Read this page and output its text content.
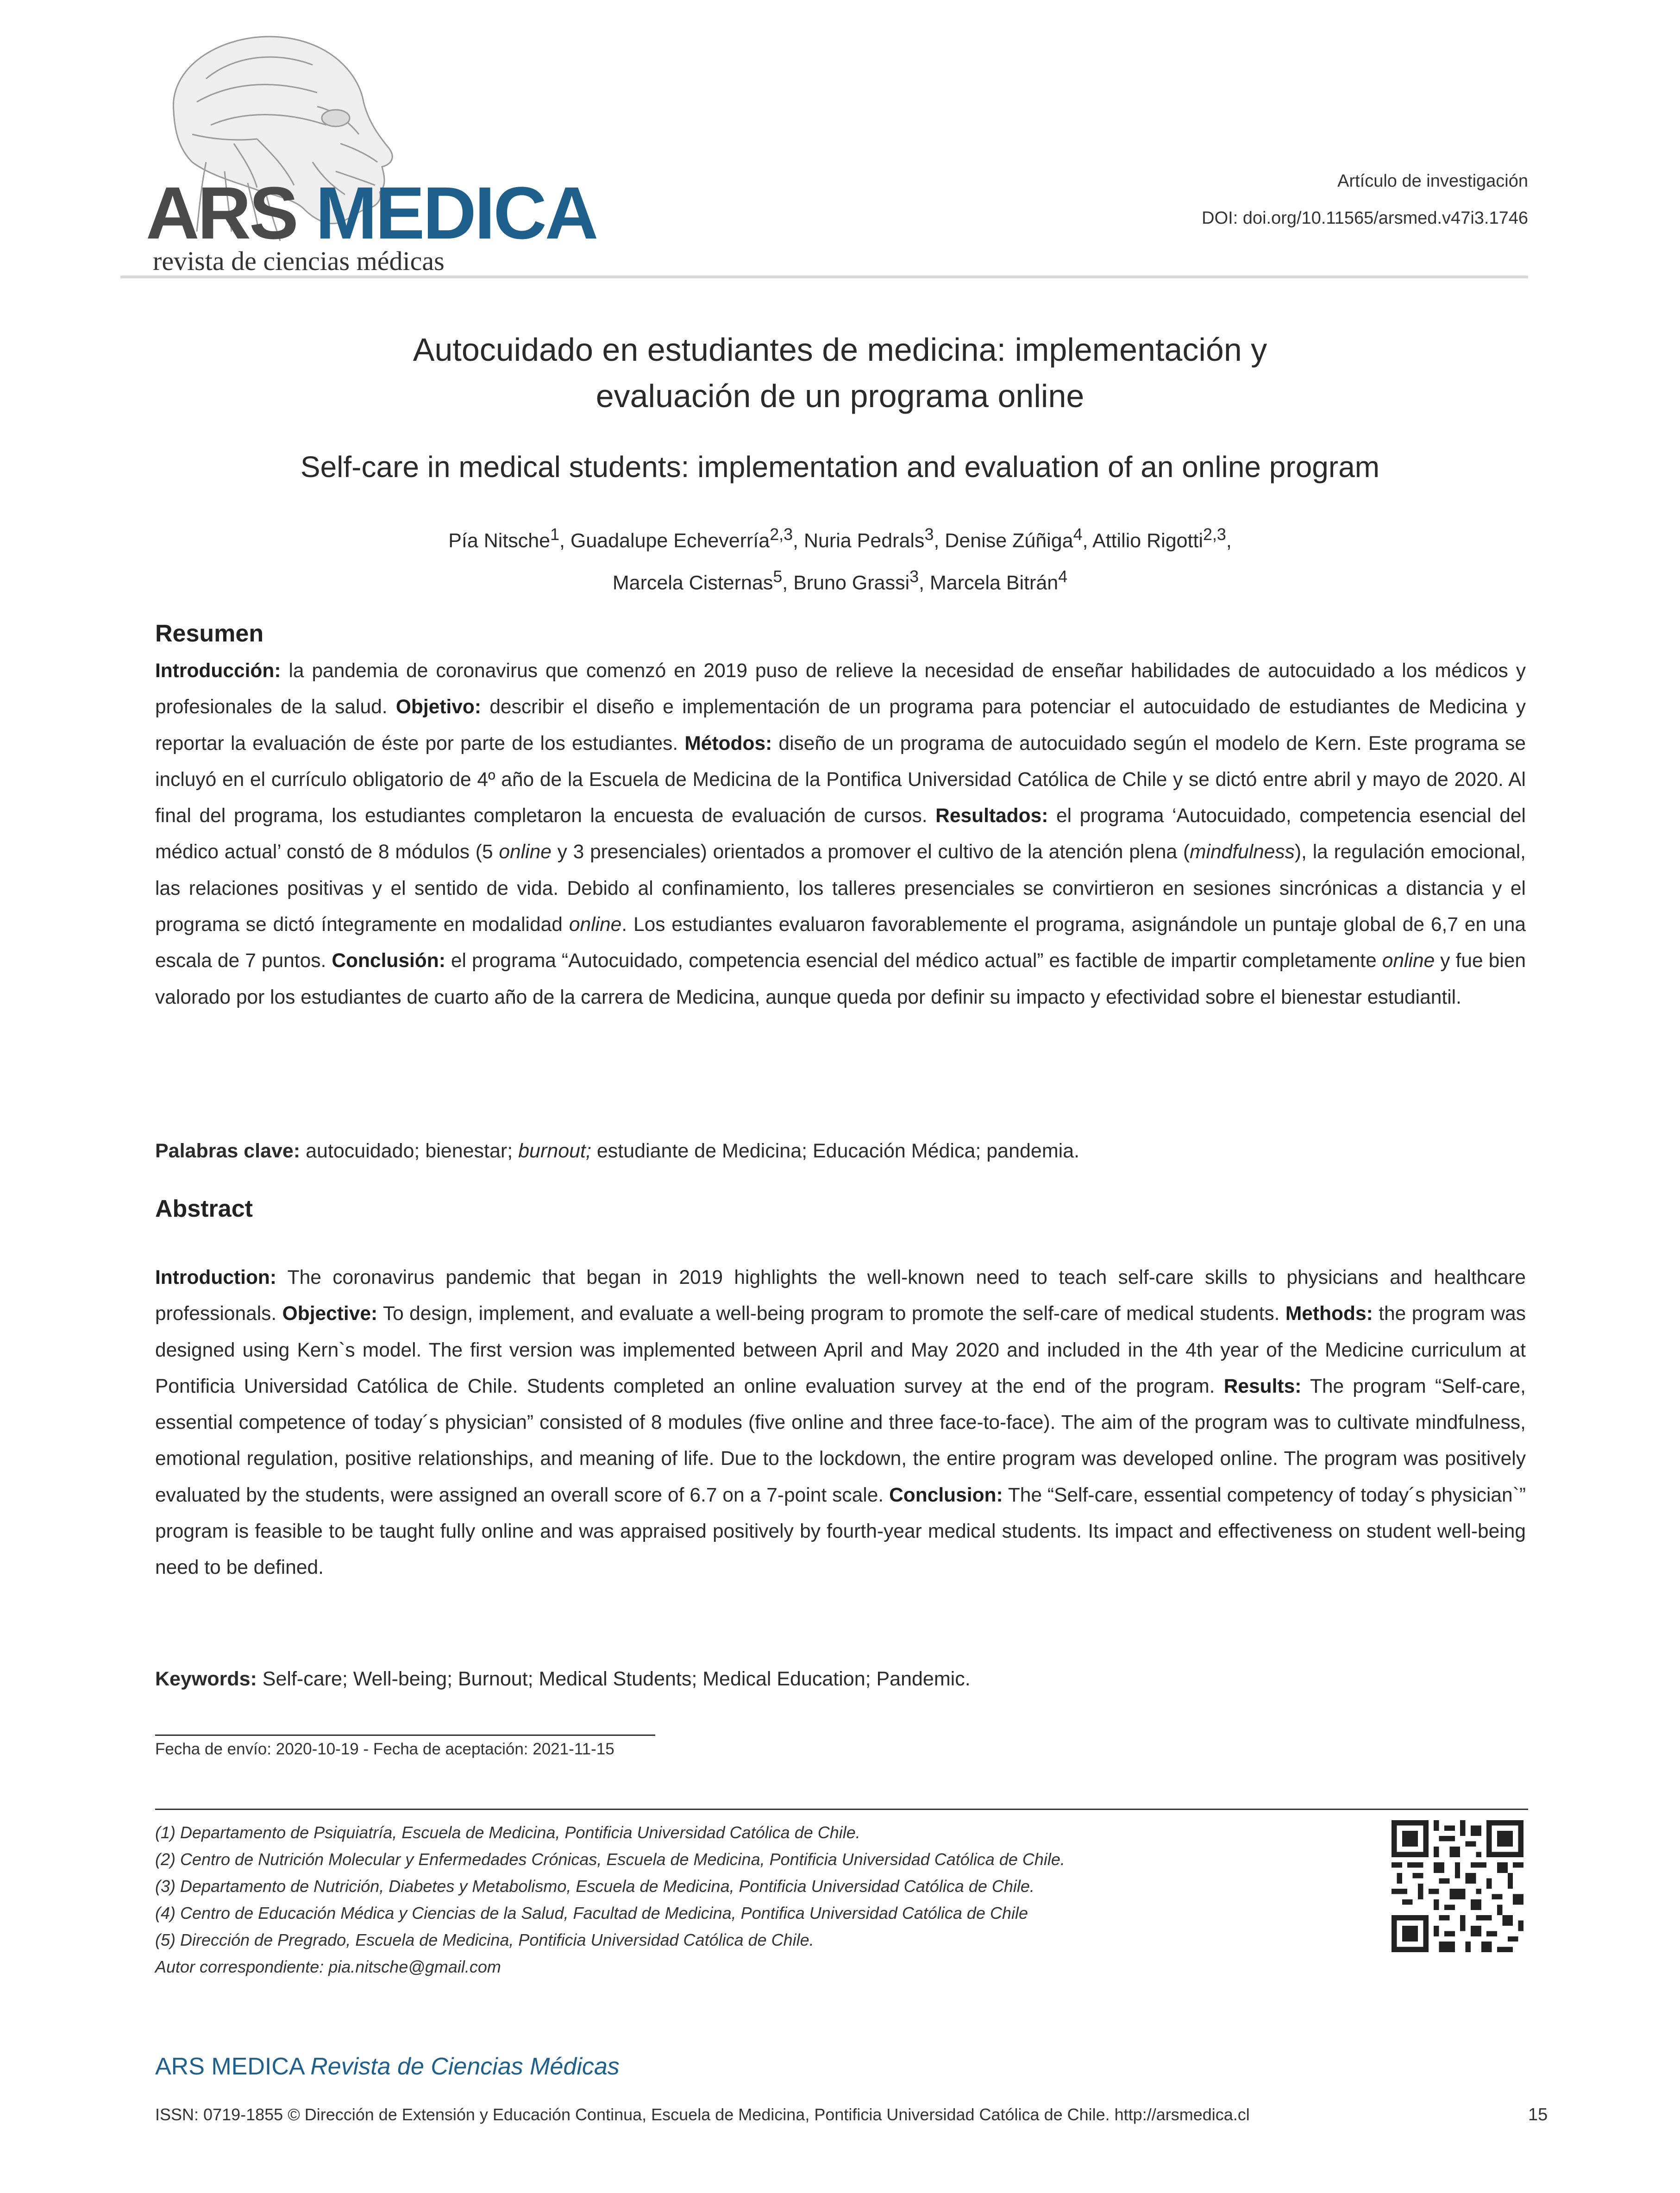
ARS MEDICA
revista de ciencias médicas
Artículo de investigación
DOI: doi.org/10.11565/arsmed.v47i3.1746
Autocuidado en estudiantes de medicina: implementación y
evaluación de un programa online
Self-care in medical students: implementation and evaluation of an online program
Pía Nitsche$^1$, Guadalupe Echeverría$^{2,3}$, Nuria Pedrals$^3$, Denise Zúñiga$^4$, Attilio Rigotti$^{2,3}$,
Marcela Cisternas$^5$, Bruno Grassi$^3$, Marcela Bitrán$^4$
Resumen
Introducción: la pandemia de coronavirus que comenzó en 2019 puso de relieve la necesidad de enseñar habilidades de autocuidado a los médicos y profesionales de la salud. Objetivo: describir el diseño e implementación de un programa para potenciar el autocuidado de estudiantes de Medicina y reportar la evaluación de éste por parte de los estudiantes. Métodos: diseño de un programa de autocuidado según el modelo de Kern. Este programa se incluyó en el currículo obligatorio de 4º año de la Escuela de Medicina de la Pontifica Universidad Católica de Chile y se dictó entre abril y mayo de 2020. Al final del programa, los estudiantes completaron la encuesta de evaluación de cursos. Resultados: el programa ‘Autocuidado, competencia esencial del médico actual’ constó de 8 módulos (5 online y 3 presenciales) orientados a promover el cultivo de la atención plena (mindfulness), la regulación emocional, las relaciones positivas y el sentido de vida. Debido al confinamiento, los talleres presenciales se convirtieron en sesiones sincrónicas a distancia y el programa se dictó íntegramente en modalidad online. Los estudiantes evaluaron favorablemente el programa, asignándole un puntaje global de 6,7 en una escala de 7 puntos. Conclusión: el programa “Autocuidado, competencia esencial del médico actual” es factible de impartir completamente online y fue bien valorado por los estudiantes de cuarto año de la carrera de Medicina, aunque queda por definir su impacto y efectividad sobre el bienestar estudiantil.
Palabras clave: autocuidado; bienestar; burnout; estudiante de Medicina; Educación Médica; pandemia.
Abstract
Introduction: The coronavirus pandemic that began in 2019 highlights the well-known need to teach self-care skills to physicians and healthcare professionals. Objective: To design, implement, and evaluate a well-being program to promote the self-care of medical students. Methods: the program was designed using Kern`s model. The first version was implemented between April and May 2020 and included in the 4th year of the Medicine curriculum at Pontificia Universidad Católica de Chile. Students completed an online evaluation survey at the end of the program. Results: The program “Self-care, essential competence of today´s physician” consisted of 8 modules (five online and three face-to-face). The aim of the program was to cultivate mindfulness, emotional regulation, positive relationships, and meaning of life. Due to the lockdown, the entire program was developed online. The program was positively evaluated by the students, were assigned an overall score of 6.7 on a 7-point scale. Conclusion: The “Self-care, essential competency of today´s physician`” program is feasible to be taught fully online and was appraised positively by fourth-year medical students. Its impact and effectiveness on student well-being need to be defined.
Keywords: Self-care; Well-being; Burnout; Medical Students; Medical Education; Pandemic.
Fecha de envío: 2020-10-19 - Fecha de aceptación: 2021-11-15
(1) Departamento de Psiquiatría, Escuela de Medicina, Pontificia Universidad Católica de Chile.
(2) Centro de Nutrición Molecular y Enfermedades Crónicas, Escuela de Medicina, Pontificia Universidad Católica de Chile.
(3) Departamento de Nutrición, Diabetes y Metabolismo, Escuela de Medicina, Pontificia Universidad Católica de Chile.
(4) Centro de Educación Médica y Ciencias de la Salud, Facultad de Medicina, Pontifica Universidad Católica de Chile
(5) Dirección de Pregrado, Escuela de Medicina, Pontificia Universidad Católica de Chile.
Autor correspondiente: pia.nitsche@gmail.com
ARS MEDICA Revista de Ciencias Médicas
ISSN: 0719-1855 © Dirección de Extensión y Educación Continua, Escuela de Medicina, Pontificia Universidad Católica de Chile. http://arsmedica.cl	15
